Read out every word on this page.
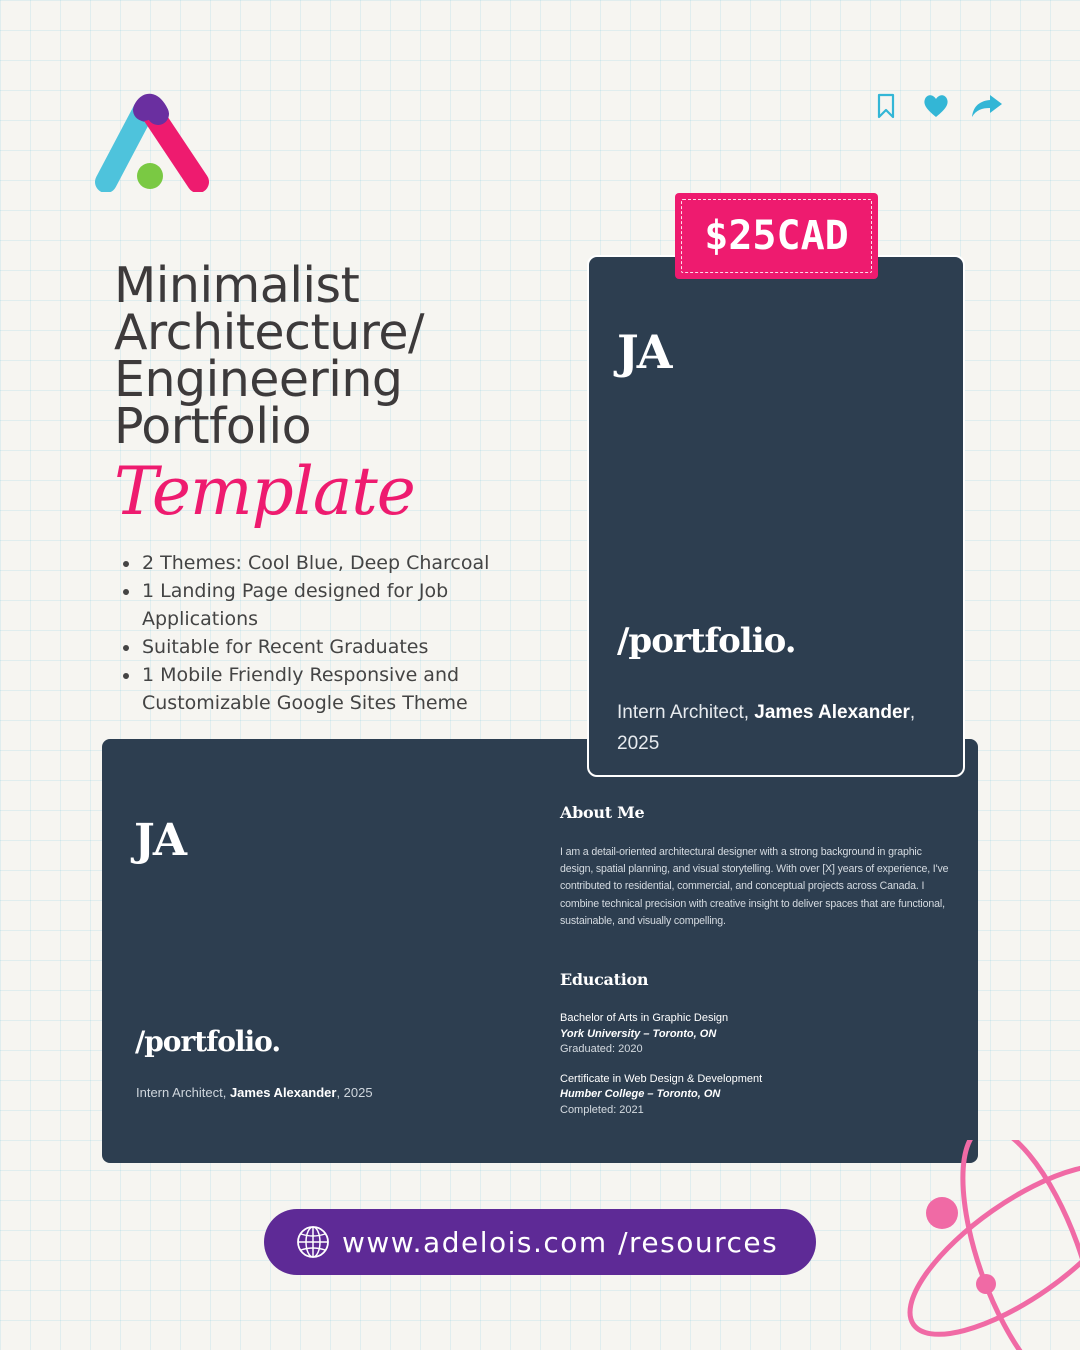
Minimalist
Architecture/
Engineering
Portfolio
Template
2 Themes: Cool Blue, Deep Charcoal
1 Landing Page designed for Job Applications
Suitable for Recent Graduates
1 Mobile Friendly Responsive and Customizable Google Sites Theme
JA
/portfolio.
Intern Architect, James Alexander, 2025
About Me

I am a detail-oriented architectural designer with a strong background in graphic design, spatial planning, and visual storytelling. With over [X] years of experience, I've contributed to residential, commercial, and conceptual projects across Canada. I combine technical precision with creative insight to deliver spaces that are functional, sustainable, and visually compelling.

Education
Bachelor of Arts in Graphic Design
York University – Toronto, ON
Graduated: 2020
Certificate in Web Design & Development
Humber College – Toronto, ON
Completed: 2021
JA
/portfolio.
Intern Architect, James Alexander, 2025
$25CAD
www.adelois.com /resources
